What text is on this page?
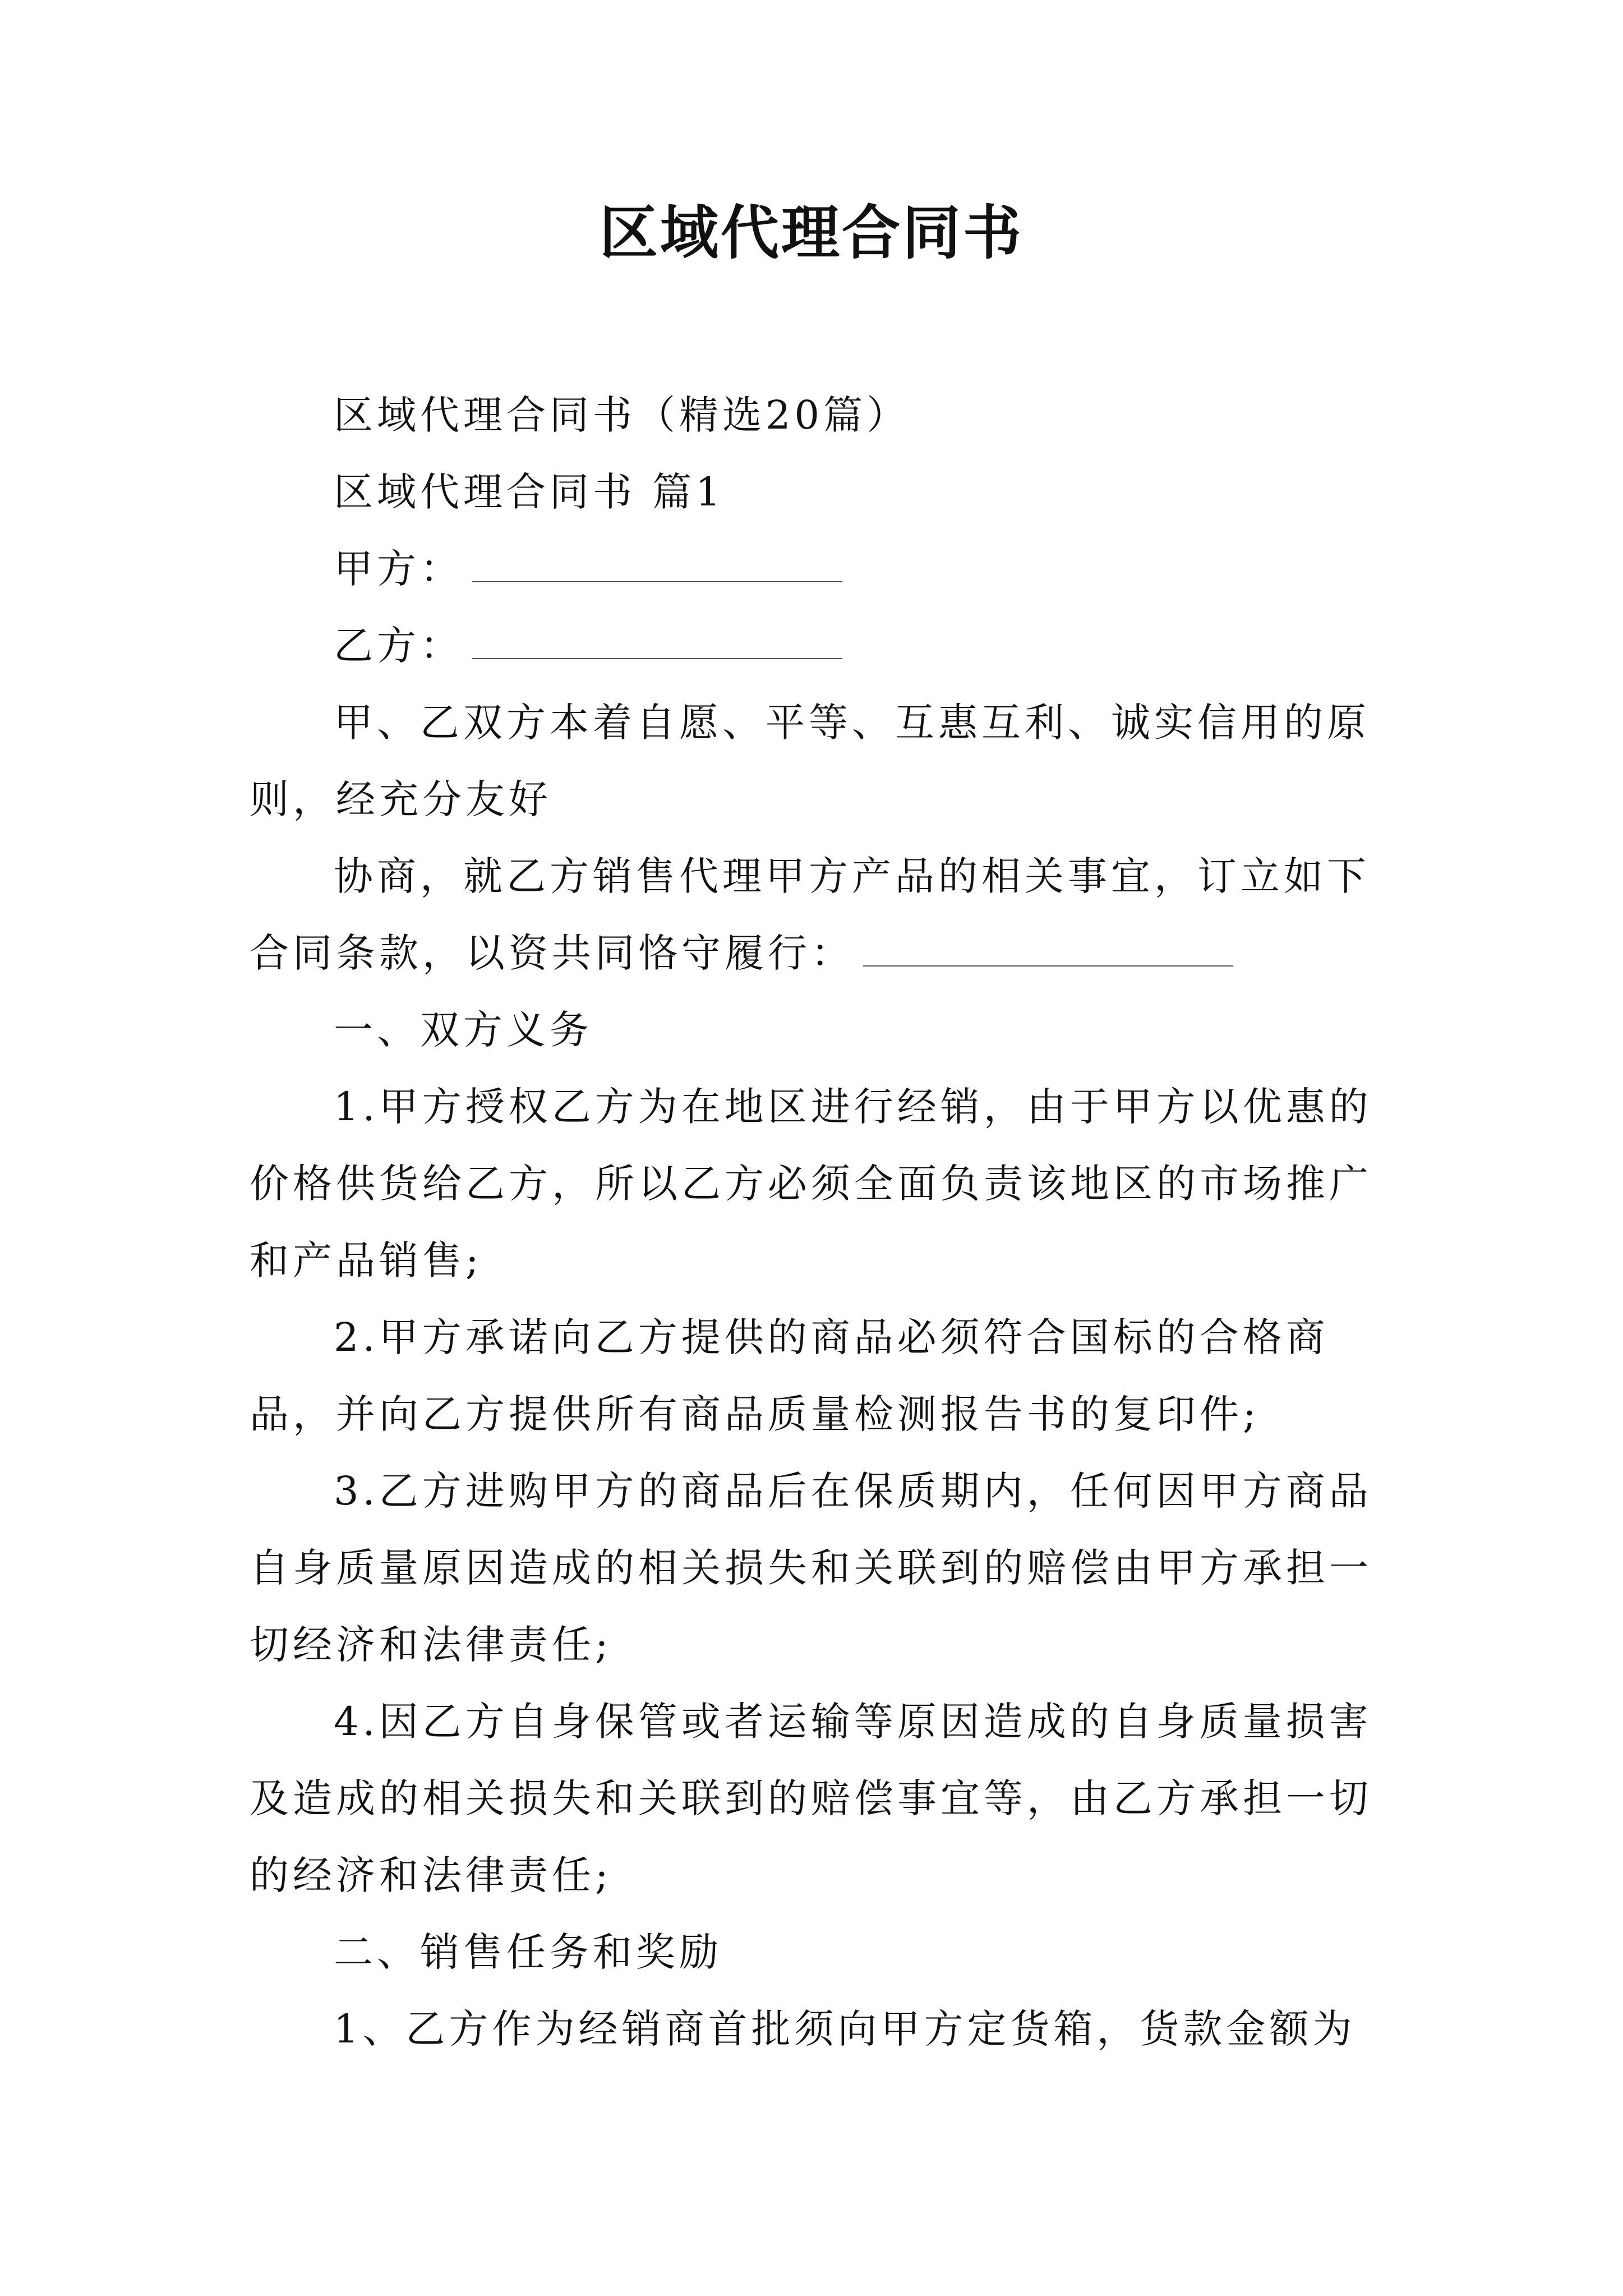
区域代理合同书

区域代理合同书（精选20篇）

区域代理合同书 篇1

甲方：

乙方：

甲、乙双方本着自愿、平等、互惠互利、诚实信用的原则，经充分友好

协商，就乙方销售代理甲方产品的相关事宜，订立如下合同条款，以资共同恪守履行：

一、双方义务

1.甲方授权乙方为在地区进行经销，由于甲方以优惠的价格供货给乙方，所以乙方必须全面负责该地区的市场推广和产品销售;

2.甲方承诺向乙方提供的商品必须符合国标的合格商品，并向乙方提供所有商品质量检测报告书的复印件;

3.乙方进购甲方的商品后在保质期内，任何因甲方商品自身质量原因造成的相关损失和关联到的赔偿由甲方承担一切经济和法律责任;

4.因乙方自身保管或者运输等原因造成的自身质量损害及造成的相关损失和关联到的赔偿事宜等，由乙方承担一切的经济和法律责任;

二、销售任务和奖励

1、乙方作为经销商首批须向甲方定货箱，货款金额为
